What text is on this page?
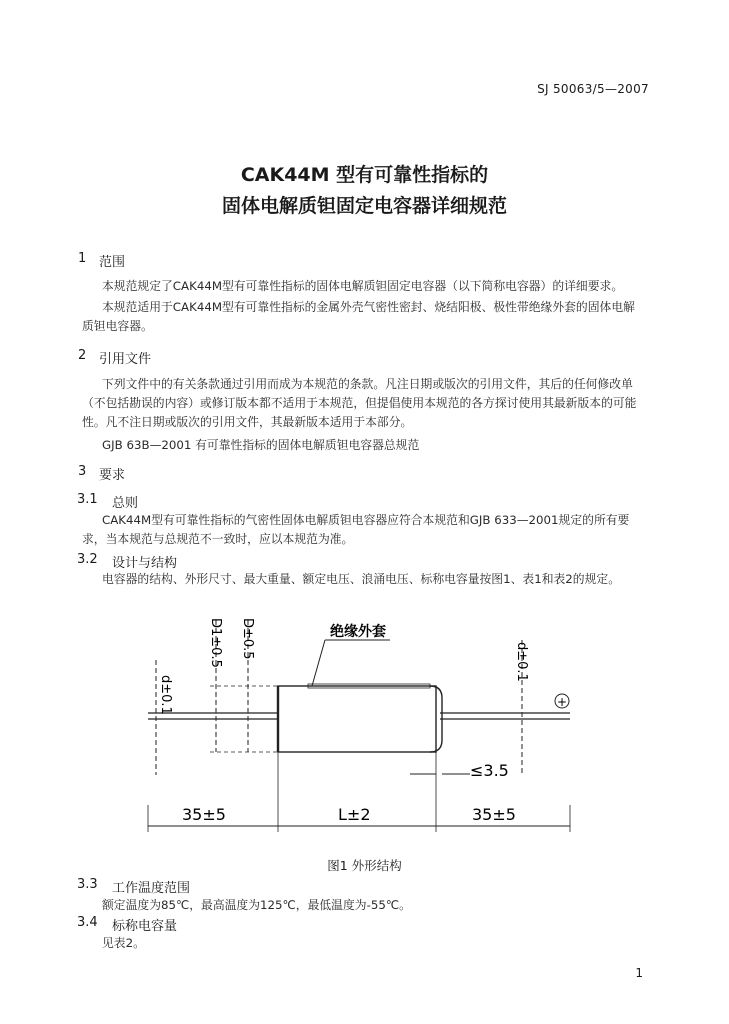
SJ 50063/5—2007
CAK44M 型有可靠性指标的
固体电解质钽固定电容器详细规范
1 范围
本规范规定了CAK44M型有可靠性指标的固体电解质钽固定电容器（以下简称电容器）的详细要求。
本规范适用于CAK44M型有可靠性指标的金属外壳气密性密封、烧结阳极、极性带绝缘外套的固体电解质钽电容器。
2 引用文件
下列文件中的有关条款通过引用而成为本规范的条款。凡注日期或版次的引用文件，其后的任何修改单（不包括勘误的内容）或修订版本都不适用于本规范，但提倡使用本规范的各方探讨使用其最新版本的可能性。凡不注日期或版次的引用文件，其最新版本适用于本部分。
GJB 63B—2001 有可靠性指标的固体电解质钽电容器总规范
3 要求
3.1 总则
CAK44M型有可靠性指标的气密性固体电解质钽电容器应符合本规范和GJB 633—2001规定的所有要求，当本规范与总规范不一致时，应以本规范为准。
3.2 设计与结构
电容器的结构、外形尺寸、最大重量、额定电压、浪涌电压、标称电容量按图1、表1和表2的规定。
绝缘外套
d±0.1
D1±0.5 D±0.5
d±0.1
+
≤3.5
35±5	L±2	35±5
图1 外形结构
3.3 工作温度范围
额定温度为85℃，最高温度为125℃，最低温度为-55℃。
3.4 标称电容量
见表2。
1
